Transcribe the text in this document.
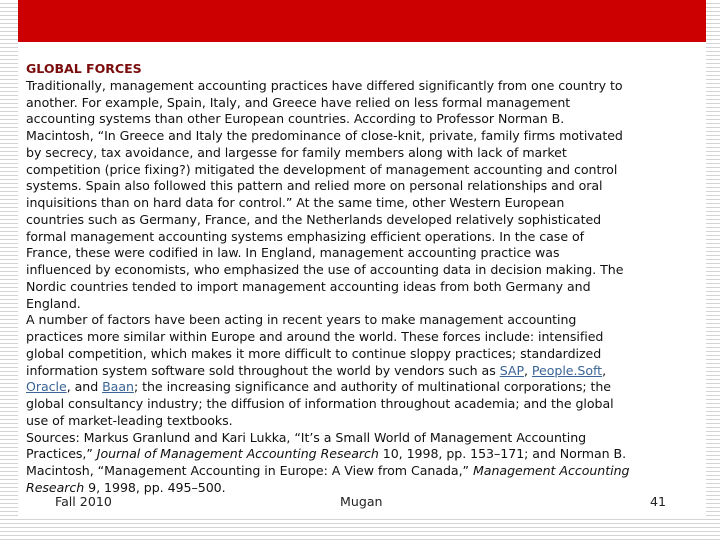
GLOBAL FORCES
Traditionally, management accounting practices have differed significantly from one country to
another. For example, Spain, Italy, and Greece have relied on less formal management
accounting systems than other European countries. According to Professor Norman B.
Macintosh, “In Greece and Italy the predominance of close-knit, private, family firms motivated
by secrecy, tax avoidance, and largesse for family members along with lack of market
competition (price fixing?) mitigated the development of management accounting and control
systems. Spain also followed this pattern and relied more on personal relationships and oral
inquisitions than on hard data for control.” At the same time, other Western European
countries such as Germany, France, and the Netherlands developed relatively sophisticated
formal management accounting systems emphasizing efficient operations. In the case of
France, these were codified in law. In England, management accounting practice was
influenced by economists, who emphasized the use of accounting data in decision making. The
Nordic countries tended to import management accounting ideas from both Germany and
England.
A number of factors have been acting in recent years to make management accounting
practices more similar within Europe and around the world. These forces include: intensified
global competition, which makes it more difficult to continue sloppy practices; standardized
information system software sold throughout the world by vendors such as SAP, People.Soft,
Oracle, and Baan; the increasing significance and authority of multinational corporations; the
global consultancy industry; the diffusion of information throughout academia; and the global
use of market-leading textbooks.
Sources: Markus Granlund and Kari Lukka, “It’s a Small World of Management Accounting
Practices,” Journal of Management Accounting Research 10, 1998, pp. 153–171; and Norman B.
Macintosh, “Management Accounting in Europe: A View from Canada,” Management Accounting
Research 9, 1998, pp. 495–500.
Fall 2010	Mugan	41
